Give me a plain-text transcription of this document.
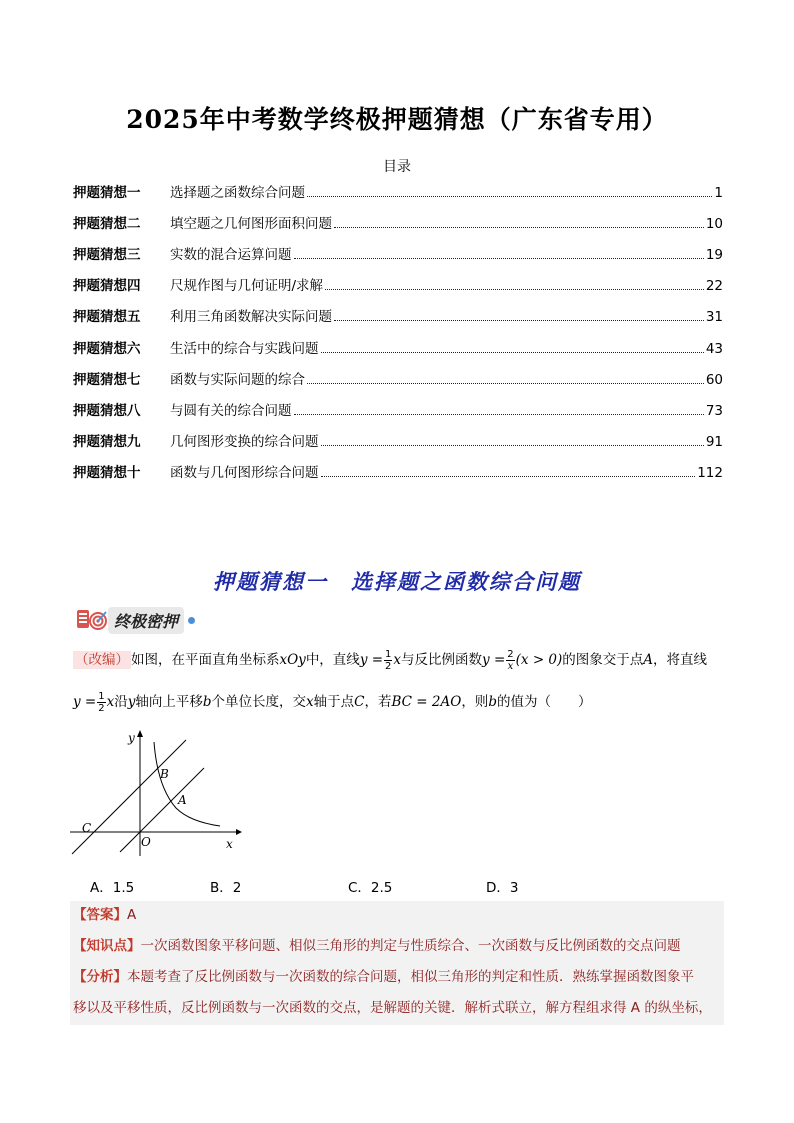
2025年中考数学终极押题猜想（广东省专用）
目录
押题猜想一	选择题之函数综合问题	1
押题猜想二	填空题之几何图形面积问题	10
押题猜想三	实数的混合运算问题	19
押题猜想四	尺规作图与几何证明/求解	22
押题猜想五	利用三角函数解决实际问题	31
押题猜想六	生活中的综合与实践问题	43
押题猜想七	函数与实际问题的综合	60
押题猜想八	与圆有关的综合问题	73
押题猜想九	几何图形变换的综合问题	91
押题猜想十	函数与几何图形综合问题	112
押题猜想一　选择题之函数综合问题
终极密押
（改编） 如图，在平面直角坐标系xOy中，直线$y = \frac{1}{2}$ x与反比例函数$y = \frac{2}{x} (x > 0)$的图象交于点A，将直线
$y = \frac{1}{2}$ x沿y轴向上平移b个单位长度，交x轴于点C，若BC = 2AO，则b的值为（　　）
y
x
O
A
B
C
A．1.5	B．2	C．2.5	D．3
【答案】A
【知识点】一次函数图象平移问题、相似三角形的判定与性质综合、一次函数与反比例函数的交点问题
【分析】本题考查了反比例函数与一次函数的综合问题，相似三角形的判定和性质．熟练掌握函数图象平
移以及平移性质，反比例函数与一次函数的交点，是解题的关键．解析式联立，解方程组求得 A 的纵坐标，
